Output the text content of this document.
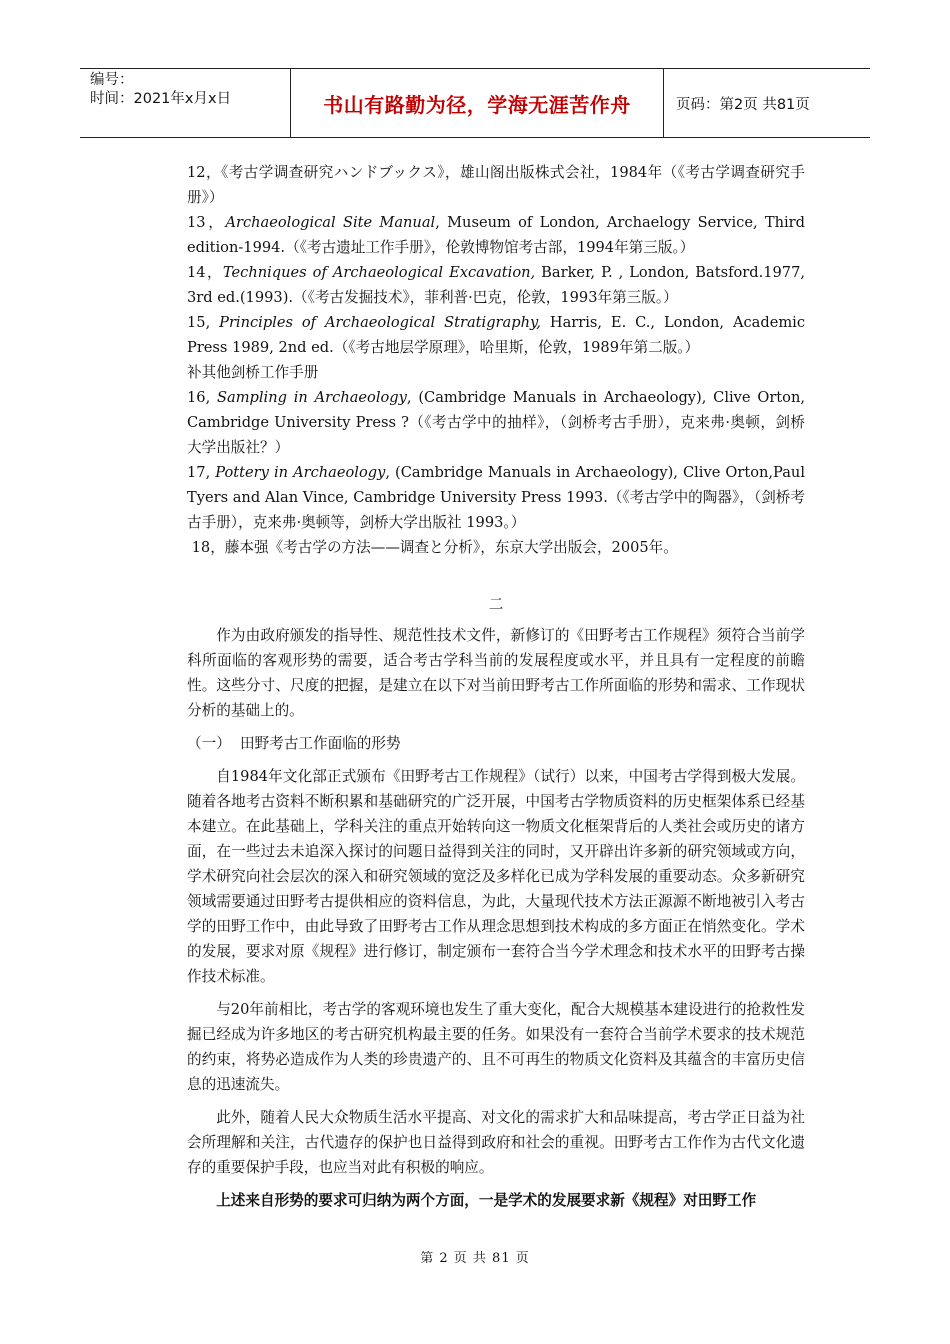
编号：
时间：2021年x月x日	书山有路勤为径，学海无涯苦作舟	页码：第2页 共81页

12，《考古学调查研究ハンドブックス》，雄山阁出版株式会社，1984年（《考古学调查研究手册》）

13，Archaeological Site Manual, Museum of London, Archaelogy Service, Third edition-1994.（《考古遗址工作手册》，伦敦博物馆考古部，1994年第三版。）

14，Techniques of Archaeological Excavation, Barker, P. , London, Batsford.1977, 3rd ed.(1993).（《考古发掘技术》，菲利普·巴克，伦敦，1993年第三版。）

15, Principles of Archaeological Stratigraphy, Harris, E. C., London, Academic Press 1989, 2nd ed.（《考古地层学原理》，哈里斯，伦敦，1989年第二版。）

补其他剑桥工作手册

16, Sampling in Archaeology, (Cambridge Manuals in Archaeology), Clive Orton, Cambridge University Press ?（《考古学中的抽样》，（剑桥考古手册），克来弗·奥顿，剑桥大学出版社？）

17, Pottery in Archaeology, (Cambridge Manuals in Archaeology), Clive Orton,Paul Tyers and Alan Vince, Cambridge University Press 1993.（《考古学中的陶器》，（剑桥考古手册），克来弗·奥顿等，剑桥大学出版社 1993。）

18，藤本强《考古学の方法——调查と分析》，东京大学出版会，2005年。

二

作为由政府颁发的指导性、规范性技术文件，新修订的《田野考古工作规程》须符合当前学科所面临的客观形势的需要，适合考古学科当前的发展程度或水平，并且具有一定程度的前瞻性。这些分寸、尺度的把握，是建立在以下对当前田野考古工作所面临的形势和需求、工作现状分析的基础上的。

（一）  田野考古工作面临的形势

自1984年文化部正式颁布《田野考古工作规程》（试行）以来，中国考古学得到极大发展。随着各地考古资料不断积累和基础研究的广泛开展，中国考古学物质资料的历史框架体系已经基本建立。在此基础上，学科关注的重点开始转向这一物质文化框架背后的人类社会或历史的诸方面，在一些过去未追深入探讨的问题日益得到关注的同时，又开辟出许多新的研究领域或方向，学术研究向社会层次的深入和研究领域的宽泛及多样化已成为学科发展的重要动态。众多新研究领域需要通过田野考古提供相应的资料信息，为此，大量现代技术方法正源源不断地被引入考古学的田野工作中，由此导致了田野考古工作从理念思想到技术构成的多方面正在悄然变化。学术的发展，要求对原《规程》进行修订，制定颁布一套符合当今学术理念和技术水平的田野考古操作技术标准。

与20年前相比，考古学的客观环境也发生了重大变化，配合大规模基本建设进行的抢救性发掘已经成为许多地区的考古研究机构最主要的任务。如果没有一套符合当前学术要求的技术规范的约束，将势必造成作为人类的珍贵遗产的、且不可再生的物质文化资料及其蕴含的丰富历史信息的迅速流失。

此外，随着人民大众物质生活水平提高、对文化的需求扩大和品味提高，考古学正日益为社会所理解和关注，古代遗存的保护也日益得到政府和社会的重视。田野考古工作作为古代文化遗存的重要保护手段，也应当对此有积极的响应。

上述来自形势的要求可归纳为两个方面，一是学术的发展要求新《规程》对田野工作

第 2 页 共 81 页
